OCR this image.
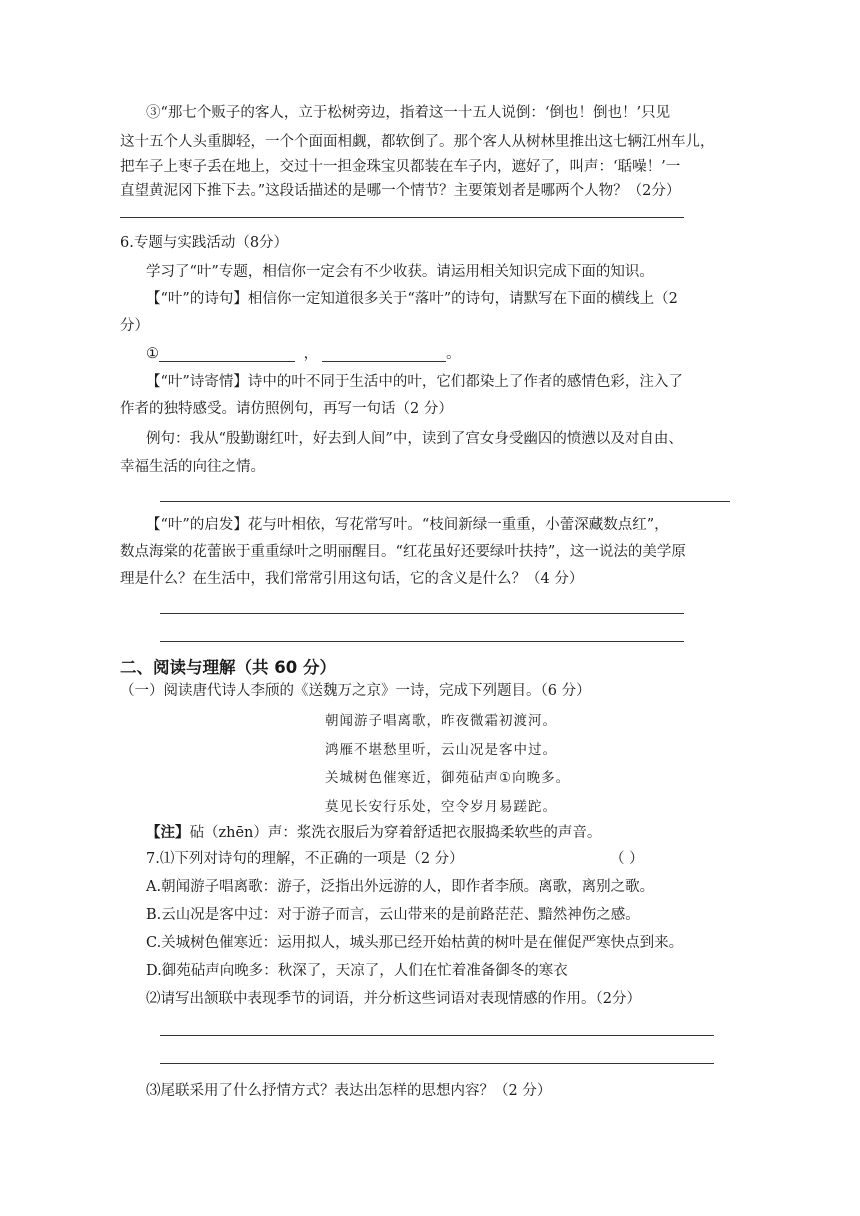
③“那七个贩子的客人，立于松树旁边，指着这一十五人说倒：‘倒也！倒也！’只见
这十五个人头重脚轻，一个个面面相觑，都软倒了。那个客人从树林里推出这七辆江州车儿，
把车子上枣子丢在地上，交过十一担金珠宝贝都装在车子内，遮好了，叫声：‘聒噪！’一
直望黄泥冈下推下去。”这段话描述的是哪一个情节？主要策划者是哪两个人物？（2分）
6.专题与实践活动（8分）
学习了“叶”专题，相信你一定会有不少收获。请运用相关知识完成下面的知识。
【“叶”的诗句】相信你一定知道很多关于“落叶”的诗句，请默写在下面的横线上（2
分）
①	，	。
【“叶”诗寄情】诗中的叶不同于生活中的叶，它们都染上了作者的感情色彩，注入了
作者的独特感受。请仿照例句，再写一句话（2 分）
例句：我从“殷勤谢红叶，好去到人间”中，读到了宫女身受幽囚的愤懑以及对自由、
幸福生活的向往之情。
【“叶”的启发】花与叶相依，写花常写叶。“枝间新绿一重重，小蕾深藏数点红”，
数点海棠的花蕾嵌于重重绿叶之明丽醒目。“红花虽好还要绿叶扶持”，这一说法的美学原
理是什么？在生活中，我们常常引用这句话，它的含义是什么？（4 分）
二、阅读与理解（共 60 分）
（一）阅读唐代诗人李颀的《送魏万之京》一诗，完成下列题目。（6 分）
朝闻游子唱离歌，昨夜微霜初渡河。
鸿雁不堪愁里听，云山况是客中过。
关城树色催寒近，御苑砧声①向晚多。
莫见长安行乐处，空令岁月易蹉跎。
【注】砧（zhēn）声：浆洗衣服后为穿着舒适把衣服捣柔软些的声音。
7.⑴下列对诗句的理解，不正确的一项是（2 分）	（ ）
A.朝闻游子唱离歌：游子，泛指出外远游的人，即作者李颀。离歌，离别之歌。
B.云山况是客中过：对于游子而言，云山带来的是前路茫茫、黯然神伤之感。
C.关城树色催寒近：运用拟人，城头那已经开始枯黄的树叶是在催促严寒快点到来。
D.御苑砧声向晚多：秋深了，天凉了，人们在忙着准备御冬的寒衣
⑵请写出颔联中表现季节的词语，并分析这些词语对表现情感的作用。（2分）
⑶尾联采用了什么抒情方式？表达出怎样的思想内容？（2 分）
